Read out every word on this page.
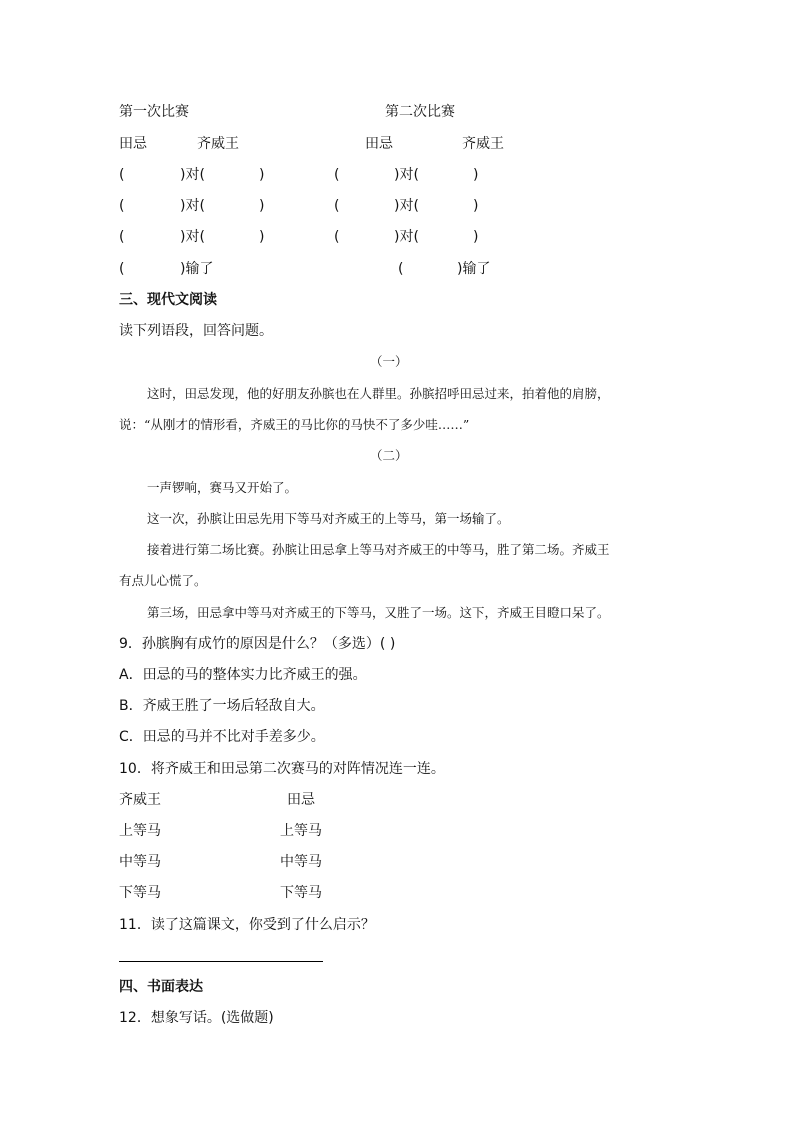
第一次比赛	第二次比赛
田忌	齐威王	田忌	齐威王
(	)对(	)	(	)对(	)
(	)对(	)	(	)对(	)
(	)对(	)	(	)对(	)
(	)输了	(	)输了
三、现代文阅读
读下列语段，回答问题。
（一）
这时，田忌发现，他的好朋友孙膑也在人群里。孙膑招呼田忌过来，拍着他的肩膀，
说：“从刚才的情形看，齐威王的马比你的马快不了多少哇……”
（二）
一声锣响，赛马又开始了。
这一次，孙膑让田忌先用下等马对齐威王的上等马，第一场输了。
接着进行第二场比赛。孙膑让田忌拿上等马对齐威王的中等马，胜了第二场。齐威王
有点儿心慌了。
第三场，田忌拿中等马对齐威王的下等马，又胜了一场。这下，齐威王目瞪口呆了。
9．孙膑胸有成竹的原因是什么？（多选）( )
A．田忌的马的整体实力比齐威王的强。
B．齐威王胜了一场后轻敌自大。
C．田忌的马并不比对手差多少。
10．将齐威王和田忌第二次赛马的对阵情况连一连。
齐威王	田忌
上等马	上等马
中等马	中等马
下等马	下等马
11．读了这篇课文，你受到了什么启示？
四、书面表达
12．想象写话。(选做题)
